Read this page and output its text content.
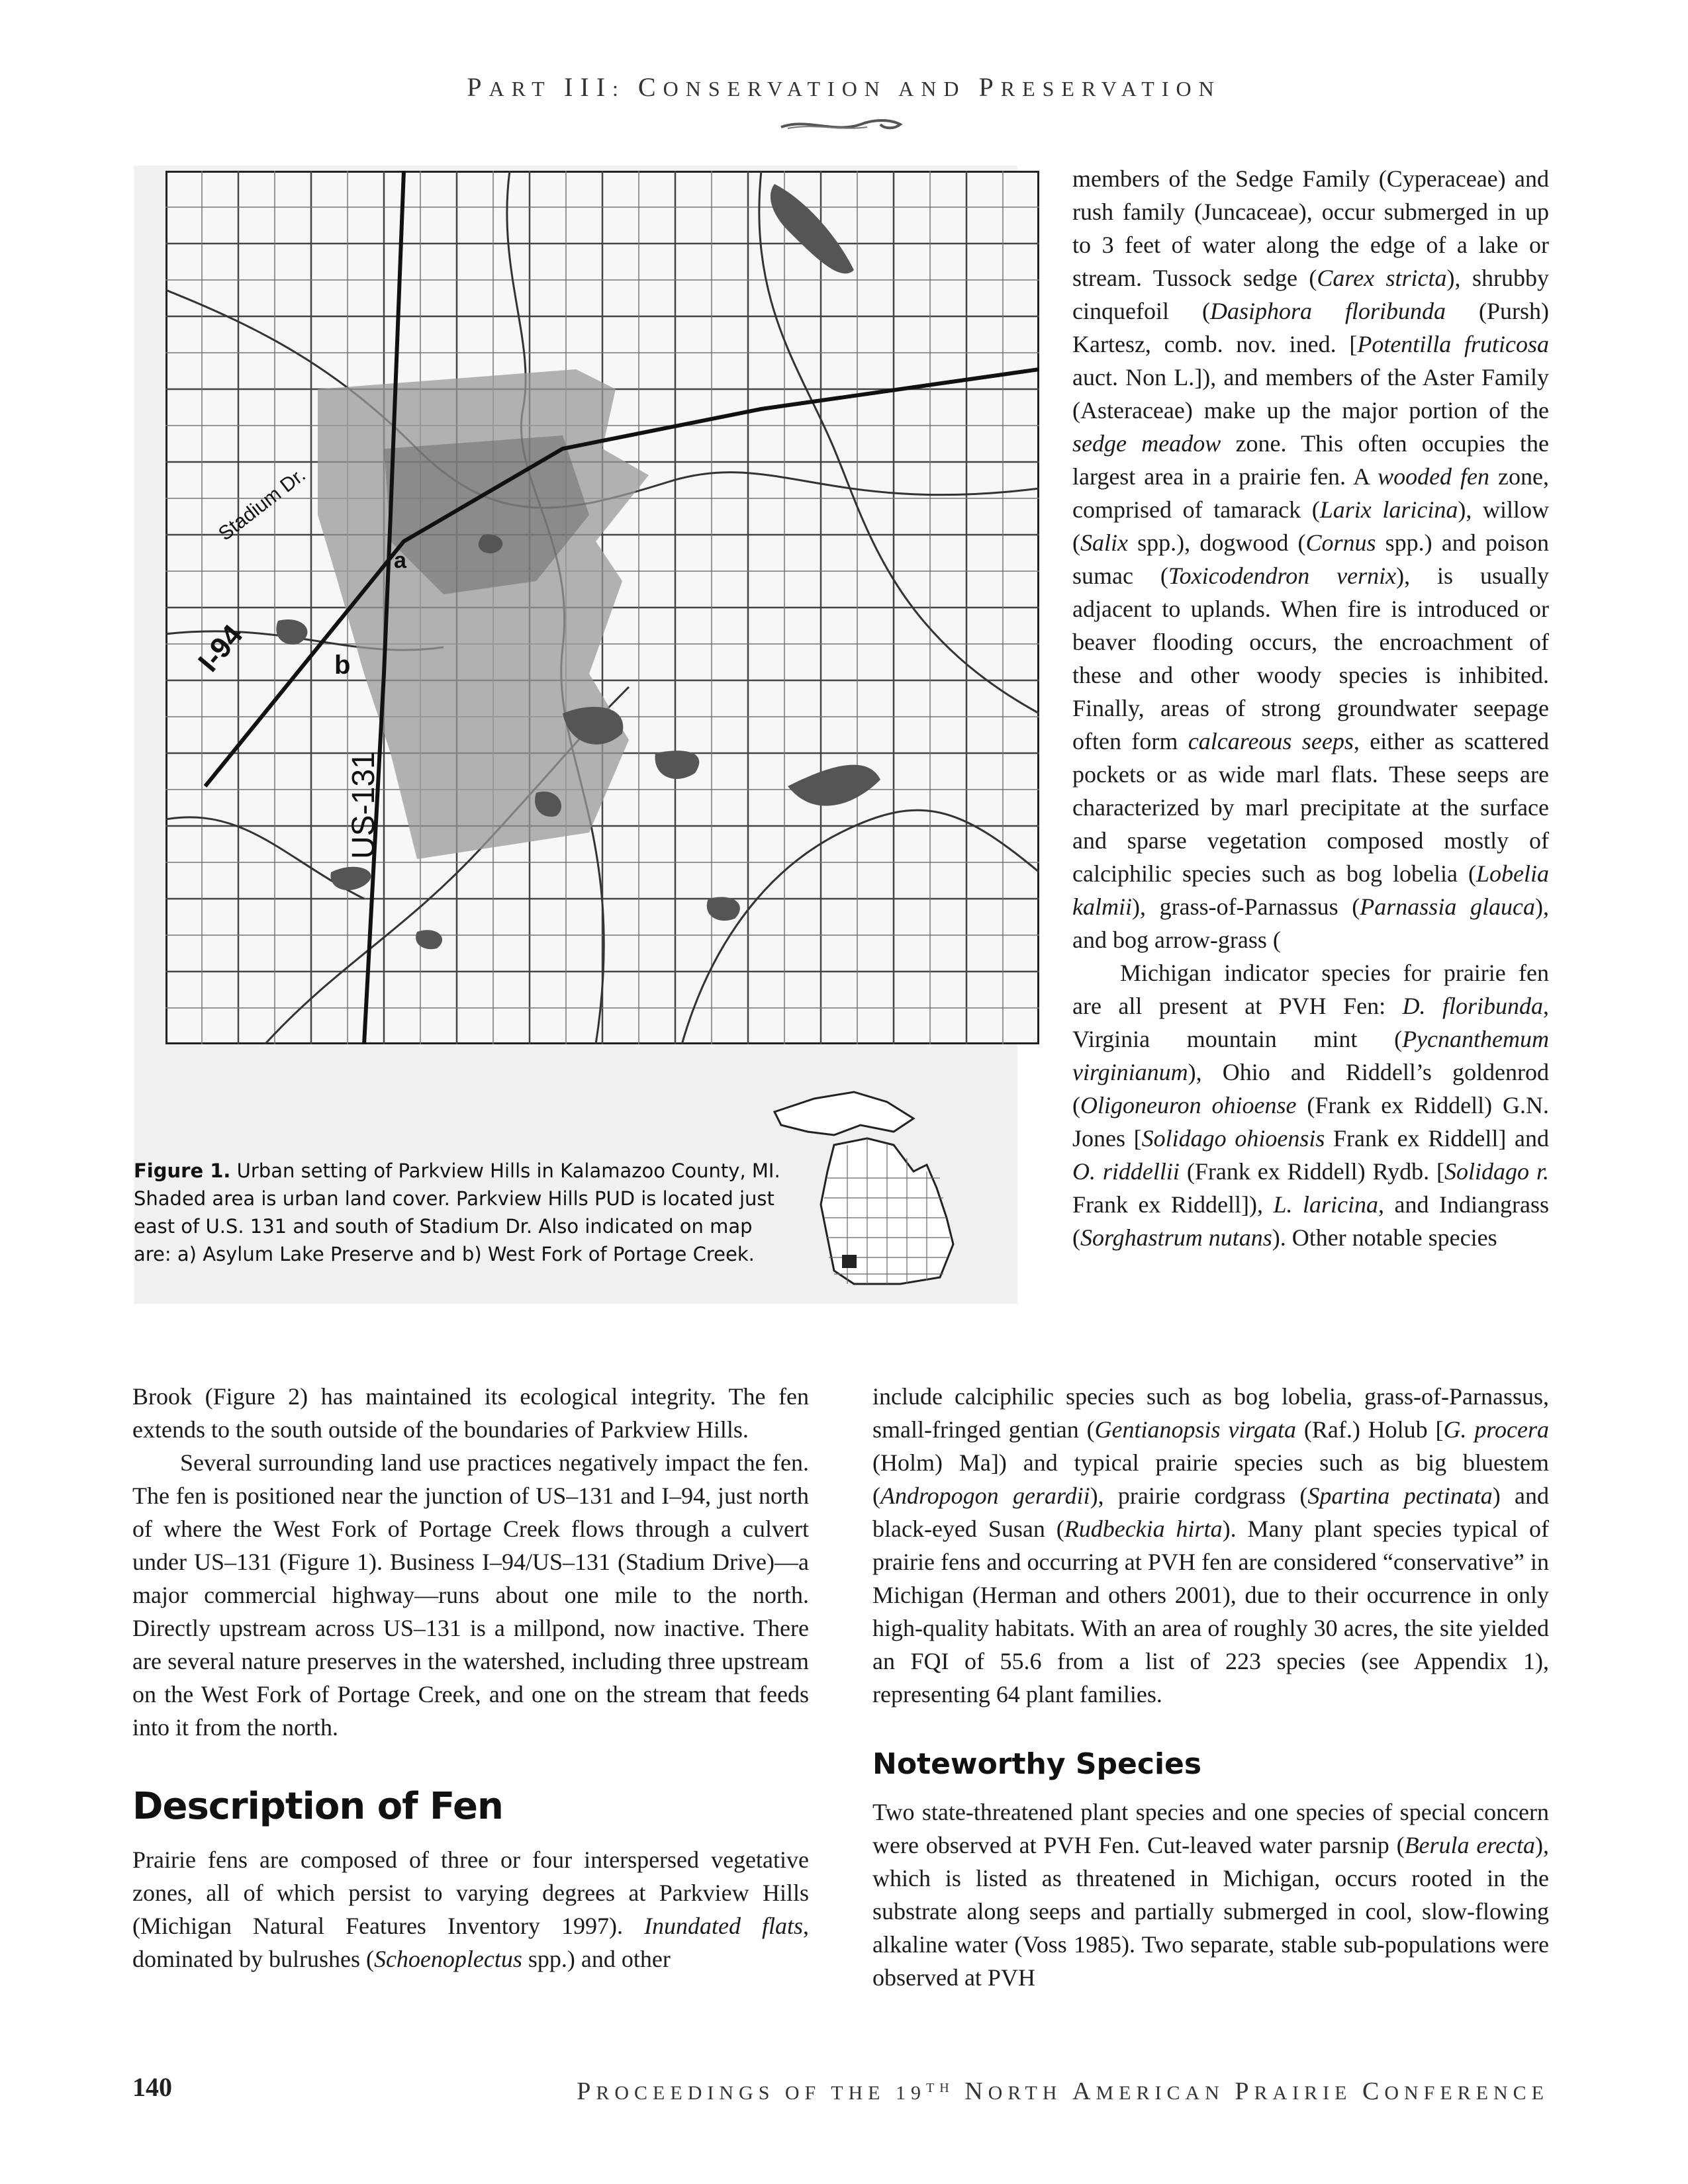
PART III: CONSERVATION AND PRESERVATION
Stadium Dr.
I-94
US-131
a
b
Figure 1. Urban setting of Parkview Hills in Kalamazoo County, MI. Shaded area is urban land cover. Parkview Hills PUD is located just east of U.S. 131 and south of Stadium Dr. Also indicated on map are: a) Asylum Lake Preserve and b) West Fork of Portage Creek.

members of the Sedge Family (Cyperaceae) and rush family (Juncaceae), occur submerged in up to 3 feet of water along the edge of a lake or stream. Tussock sedge (Carex stricta), shrubby cinquefoil (Dasiphora floribunda (Pursh) Kartesz, comb. nov. ined. [Potentilla fruticosa auct. Non L.]), and members of the Aster Family (Asteraceae) make up the major portion of the sedge meadow zone. This often occupies the largest area in a prairie fen. A wooded fen zone, comprised of tamarack (Larix laricina), willow (Salix spp.), dogwood (Cornus spp.) and poison sumac (Toxicodendron vernix), is usually adjacent to uplands. When fire is introduced or beaver flooding occurs, the encroachment of these and other woody species is inhibited. Finally, areas of strong groundwater seepage often form calcareous seeps, either as scattered pockets or as wide marl flats. These seeps are characterized by marl precipitate at the surface and sparse vegetation composed mostly of calciphilic species such as bog lobelia (Lobelia kalmii), grass-of-Parnassus (Parnassia glauca), and bog arrow-grass (

Michigan indicator species for prairie fen are all present at PVH Fen: D. floribunda, Virginia mountain mint (Pycnanthemum virginianum), Ohio and Riddell’s goldenrod (Oligoneuron ohioense (Frank ex Riddell) G.N. Jones [Solidago ohioensis Frank ex Riddell] and O. riddellii (Frank ex Riddell) Rydb. [Solidago r. Frank ex Riddell]), L. laricina, and Indiangrass (Sorghastrum nutans). Other notable species

include calciphilic species such as bog lobelia, grass-of-Parnassus, small-fringed gentian (Gentianopsis virgata (Raf.) Holub [G. procera (Holm) Ma]) and typical prairie species such as big bluestem (Andropogon gerardii), prairie cordgrass (Spartina pectinata) and black-eyed Susan (Rudbeckia hirta). Many plant species typical of prairie fens and occurring at PVH fen are considered “conservative” in Michigan (Herman and others 2001), due to their occurrence in only high-quality habitats. With an area of roughly 30 acres, the site yielded an FQI of 55.6 from a list of 223 species (see Appendix 1), representing 64 plant families.

Noteworthy Species

Two state-threatened plant species and one species of special concern were observed at PVH Fen. Cut-leaved water parsnip (Berula erecta), which is listed as threatened in Michigan, occurs rooted in the substrate along seeps and partially submerged in cool, slow-flowing alkaline water (Voss 1985). Two separate, stable sub-populations were observed at PVH

Brook (Figure 2) has maintained its ecological integrity. The fen extends to the south outside of the boundaries of Parkview Hills.

Several surrounding land use practices negatively impact the fen. The fen is positioned near the junction of US–131 and I–94, just north of where the West Fork of Portage Creek flows through a culvert under US–131 (Figure 1). Business I–94/US–131 (Stadium Drive)—a major commercial highway—runs about one mile to the north. Directly upstream across US–131 is a millpond, now inactive. There are several nature preserves in the watershed, including three upstream on the West Fork of Portage Creek, and one on the stream that feeds into it from the north.

Description of Fen

Prairie fens are composed of three or four interspersed vegetative zones, all of which persist to varying degrees at Parkview Hills (Michigan Natural Features Inventory 1997). Inundated flats, dominated by bulrushes (Schoenoplectus spp.) and other

140	PROCEEDINGS OF THE 19TH NORTH AMERICAN PRAIRIE CONFERENCE
